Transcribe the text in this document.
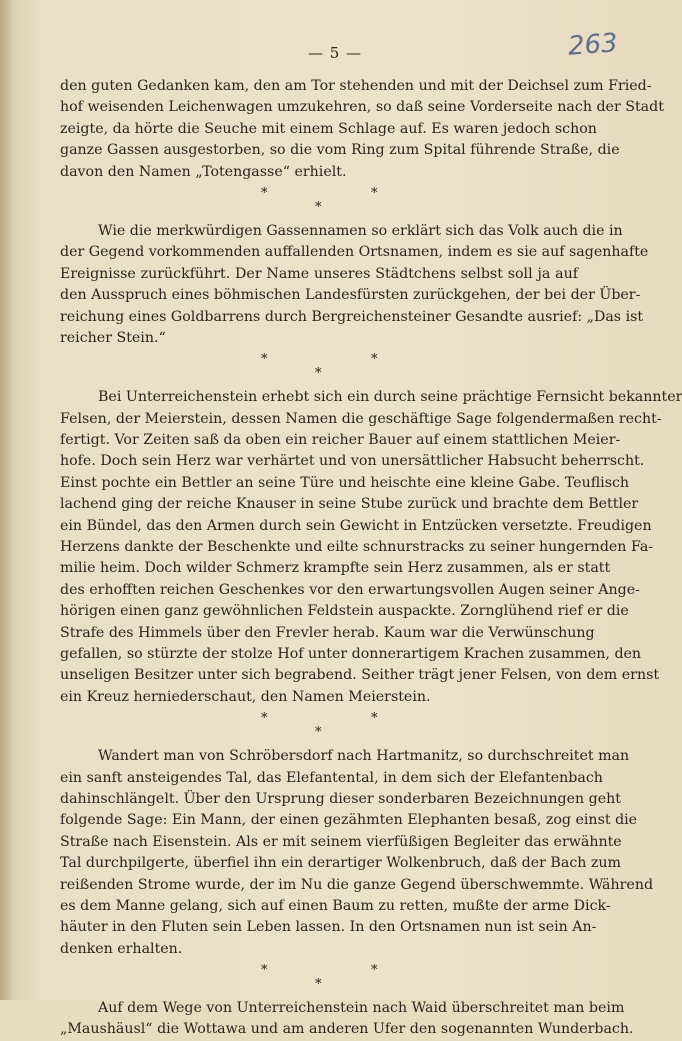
— 5 —	263
den guten Gedanken kam, den am Tor stehenden und mit der Deichsel zum Fried-
hof weisenden Leichenwagen umzukehren, so daß seine Vorderseite nach der Stadt
zeigte, da hörte die Seuche mit einem Schlage auf. Es waren jedoch schon
ganze Gassen ausgestorben, so die vom Ring zum Spital führende Straße, die
davon den Namen „Totengasse“ erhielt.
*	*
*
Wie die merkwürdigen Gassennamen so erklärt sich das Volk auch die in
der Gegend vorkommenden auffallenden Ortsnamen, indem es sie auf sagenhafte
Ereignisse zurückführt. Der Name unseres Städtchens selbst soll ja auf
den Ausspruch eines böhmischen Landesfürsten zurückgehen, der bei der Über-
reichung eines Goldbarrens durch Bergreichensteiner Gesandte ausrief: „Das ist
reicher Stein.“
*	*
*
Bei Unterreichenstein erhebt sich ein durch seine prächtige Fernsicht bekannter
Felsen, der Meierstein, dessen Namen die geschäftige Sage folgendermaßen recht-
fertigt. Vor Zeiten saß da oben ein reicher Bauer auf einem stattlichen Meier-
hofe. Doch sein Herz war verhärtet und von unersättlicher Habsucht beherrscht.
Einst pochte ein Bettler an seine Türe und heischte eine kleine Gabe. Teuflisch
lachend ging der reiche Knauser in seine Stube zurück und brachte dem Bettler
ein Bündel, das den Armen durch sein Gewicht in Entzücken versetzte. Freudigen
Herzens dankte der Beschenkte und eilte schnurstracks zu seiner hungernden Fa-
milie heim. Doch wilder Schmerz krampfte sein Herz zusammen, als er statt
des erhofften reichen Geschenkes vor den erwartungsvollen Augen seiner Ange-
hörigen einen ganz gewöhnlichen Feldstein auspackte. Zornglühend rief er die
Strafe des Himmels über den Frevler herab. Kaum war die Verwünschung
gefallen, so stürzte der stolze Hof unter donnerartigem Krachen zusammen, den
unseligen Besitzer unter sich begrabend. Seither trägt jener Felsen, von dem ernst
ein Kreuz herniederschaut, den Namen Meierstein.
*	*
*
Wandert man von Schröbersdorf nach Hartmanitz, so durchschreitet man
ein sanft ansteigendes Tal, das Elefantental, in dem sich der Elefantenbach
dahinschlängelt. Über den Ursprung dieser sonderbaren Bezeichnungen geht
folgende Sage: Ein Mann, der einen gezähmten Elephanten besaß, zog einst die
Straße nach Eisenstein. Als er mit seinem vierfüßigen Begleiter das erwähnte
Tal durchpilgerte, überfiel ihn ein derartiger Wolkenbruch, daß der Bach zum
reißenden Strome wurde, der im Nu die ganze Gegend überschwemmte. Während
es dem Manne gelang, sich auf einen Baum zu retten, mußte der arme Dick-
häuter in den Fluten sein Leben lassen. In den Ortsnamen nun ist sein An-
denken erhalten.
*	*
*
Auf dem Wege von Unterreichenstein nach Waid überschreitet man beim
„Maushäusl“ die Wottawa und am anderen Ufer den sogenannten Wunderbach.
